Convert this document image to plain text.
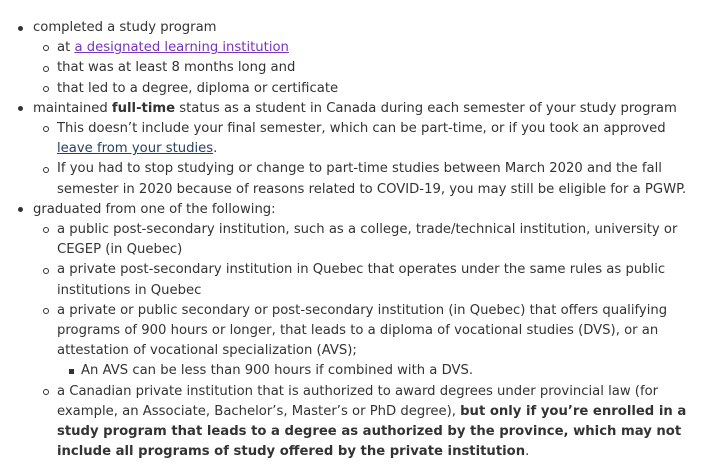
completed a study program
at a designated learning institution
that was at least 8 months long and
that led to a degree, diploma or certificate
maintained full-time status as a student in Canada during each semester of your study program
This doesn’t include your final semester, which can be part-time, or if you took an approved leave from your studies.
If you had to stop studying or change to part-time studies between March 2020 and the fall semester in 2020 because of reasons related to COVID-19, you may still be eligible for a PGWP.
graduated from one of the following:
a public post-secondary institution, such as a college, trade/technical institution, university or CEGEP (in Quebec)
a private post-secondary institution in Quebec that operates under the same rules as public institutions in Quebec
a private or public secondary or post-secondary institution (in Quebec) that offers qualifying programs of 900 hours or longer, that leads to a diploma of vocational studies (DVS), or an attestation of vocational specialization (AVS);
An AVS can be less than 900 hours if combined with a DVS.
a Canadian private institution that is authorized to award degrees under provincial law (for example, an Associate, Bachelor’s, Master’s or PhD degree), but only if you’re enrolled in a study program that leads to a degree as authorized by the province, which may not include all programs of study offered by the private institution.
